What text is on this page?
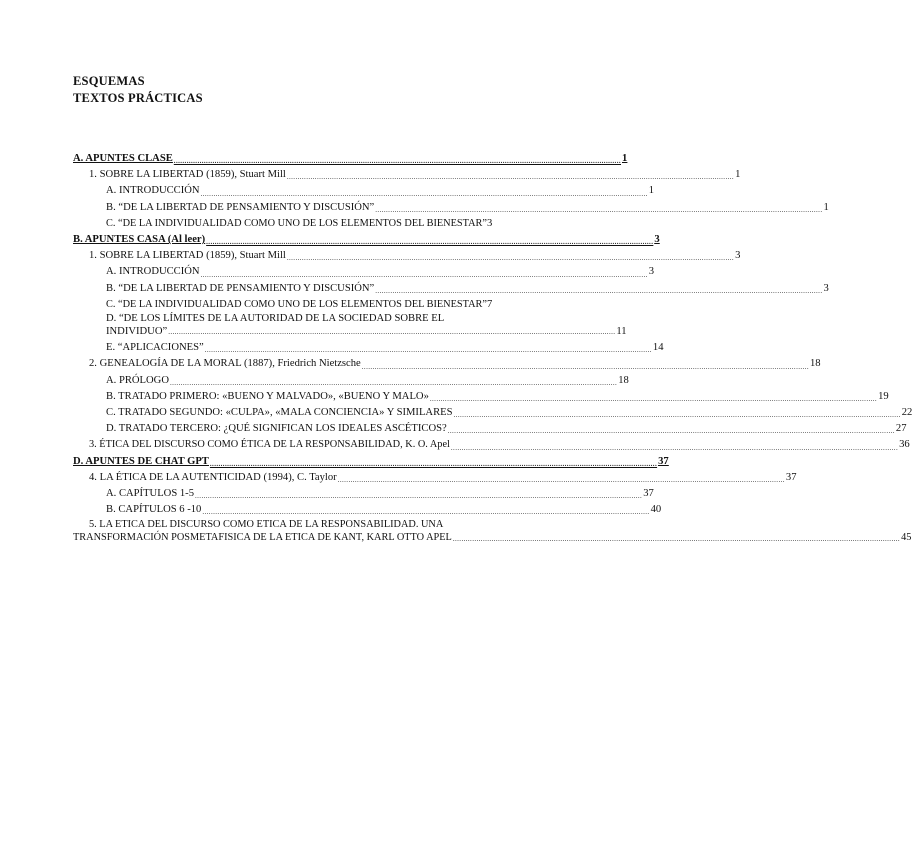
ESQUEMAS
TEXTOS PRÁCTICAS
A. APUNTES CLASE ................................................................................................................................................................................................................ 1
1. SOBRE LA LIBERTAD (1859), Stuart Mill ................................................................................................................................................................................................................ 1
A. INTRODUCCIÓN ................................................................................................................................................................................................................ 1
B. “DE LA LIBERTAD DE PENSAMIENTO Y DISCUSIÓN” ................................................................................................................................................................................................................ 1
C. “DE LA INDIVIDUALIDAD COMO UNO DE LOS ELEMENTOS DEL BIENESTAR” 3
B. APUNTES CASA (Al leer) ................................................................................................................................................................................................................ 3
1. SOBRE LA LIBERTAD (1859), Stuart Mill ................................................................................................................................................................................................................ 3
A. INTRODUCCIÓN ................................................................................................................................................................................................................ 3
B. “DE LA LIBERTAD DE PENSAMIENTO Y DISCUSIÓN” ................................................................................................................................................................................................................ 3
C. “DE LA INDIVIDUALIDAD COMO UNO DE LOS ELEMENTOS DEL BIENESTAR” 7
D. “DE LOS LÍMITES DE LA AUTORIDAD DE LA SOCIEDAD SOBRE EL
INDIVIDUO” ................................................................................................................................................................................................................ 11
E. “APLICACIONES” ................................................................................................................................................................................................................ 14
2. GENEALOGÍA DE LA MORAL (1887), Friedrich Nietzsche ................................................................................................................................................................................................................ 18
A. PRÓLOGO ................................................................................................................................................................................................................ 18
B. TRATADO PRIMERO: «BUENO Y MALVADO», «BUENO Y MALO» ................................................................................................................................................................................................................ 19
C. TRATADO SEGUNDO: «CULPA», «MALA CONCIENCIA» Y SIMILARES ................................................................................................................................................................................................................ 22
D. TRATADO TERCERO: ¿QUÉ SIGNIFICAN LOS IDEALES ASCÉTICOS? ................................................................................................................................................................................................................ 27
3. ÉTICA DEL DISCURSO COMO ÉTICA DE LA RESPONSABILIDAD, K. O. Apel ................................................................................................................................................................................................................ 36
D. APUNTES DE CHAT GPT ................................................................................................................................................................................................................ 37
4. LA ÉTICA DE LA AUTENTICIDAD (1994), C. Taylor ................................................................................................................................................................................................................ 37
A. CAPÍTULOS 1-5 ................................................................................................................................................................................................................ 37
B. CAPÍTULOS 6 -10 ................................................................................................................................................................................................................ 40
5. LA ETICA DEL DISCURSO COMO ETICA DE LA RESPONSABILIDAD. UNA
TRANSFORMACIÓN POSMETAFISICA DE LA ETICA DE KANT, KARL OTTO APEL ................................................................................................................................................................................................................ 45
